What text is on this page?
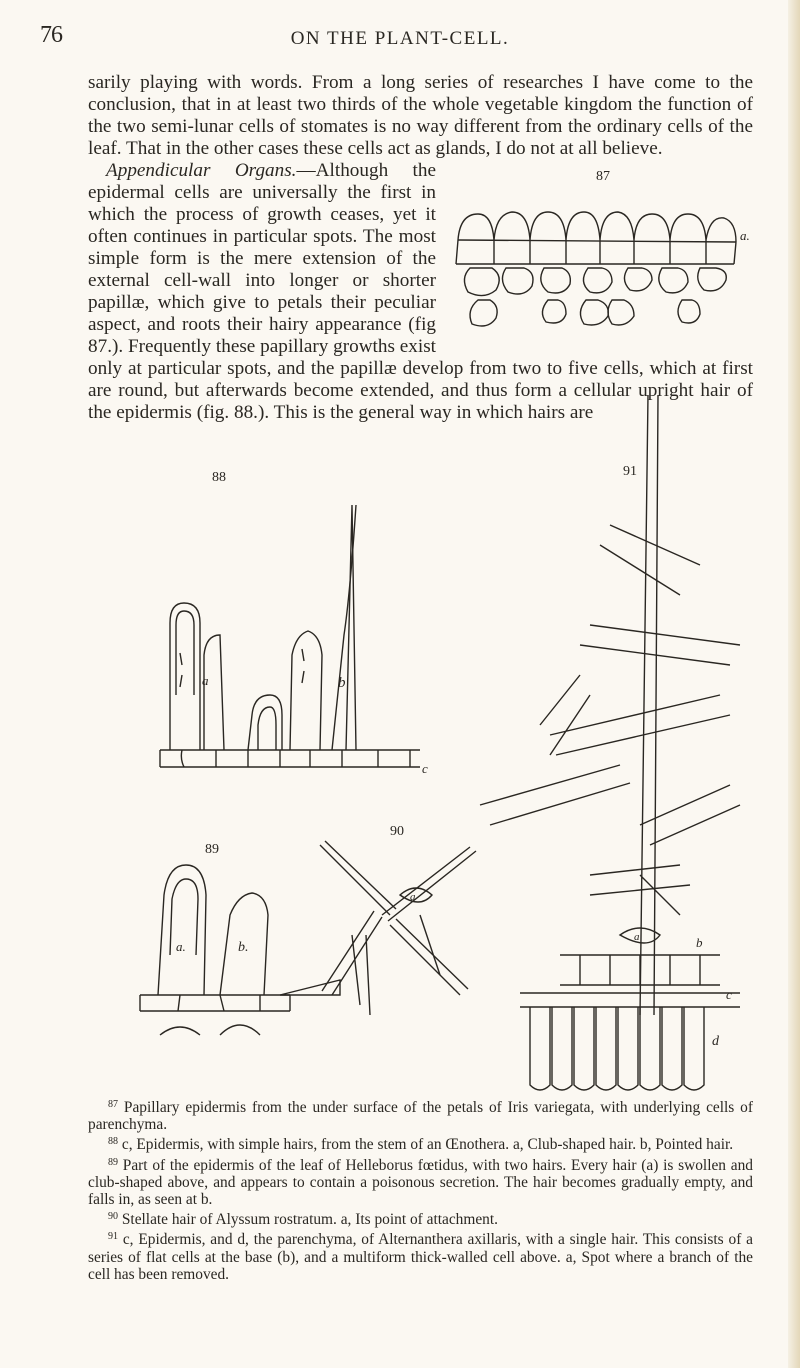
76	ON THE PLANT-CELL.

sarily playing with words. From a long series of researches I have come to the conclusion, that in at least two thirds of the whole vegetable kingdom the function of the two semi-lunar cells of stomates is no way different from the ordinary cells of the leaf. That in the other cases these cells act as glands, I do not at all believe.

87
a.

Appendicular Organs.—Although the epidermal cells are universally the first in which the process of growth ceases, yet it often continues in particular spots. The most simple form is the mere extension of the external cell-wall into longer or shorter papillæ, which give to petals their peculiar aspect, and roots their hairy appearance (fig 87.). Frequently these papillary growths exist only at particular spots, and the papillæ develop from two to five cells, which at first are round, but afterwards become extended, and thus form a cellular upright hair of the epidermis (fig. 88.). This is the general way in which hairs are

88
a	b
c
89
a.	b.
90
a
91
a	b
c
d

$^{87}$ Papillary epidermis from the under surface of the petals of Iris variegata, with underlying cells of parenchyma.

$^{88}$ c, Epidermis, with simple hairs, from the stem of an Œnothera. a, Club-shaped hair. b, Pointed hair.

$^{89}$ Part of the epidermis of the leaf of Helleborus fœtidus, with two hairs. Every hair (a) is swollen and club-shaped above, and appears to contain a poisonous secretion. The hair becomes gradually empty, and falls in, as seen at b.

$^{90}$ Stellate hair of Alyssum rostratum. a, Its point of attachment.

$^{91}$ c, Epidermis, and d, the parenchyma, of Alternanthera axillaris, with a single hair. This consists of a series of flat cells at the base (b), and a multiform thick-walled cell above. a, Spot where a branch of the cell has been removed.
